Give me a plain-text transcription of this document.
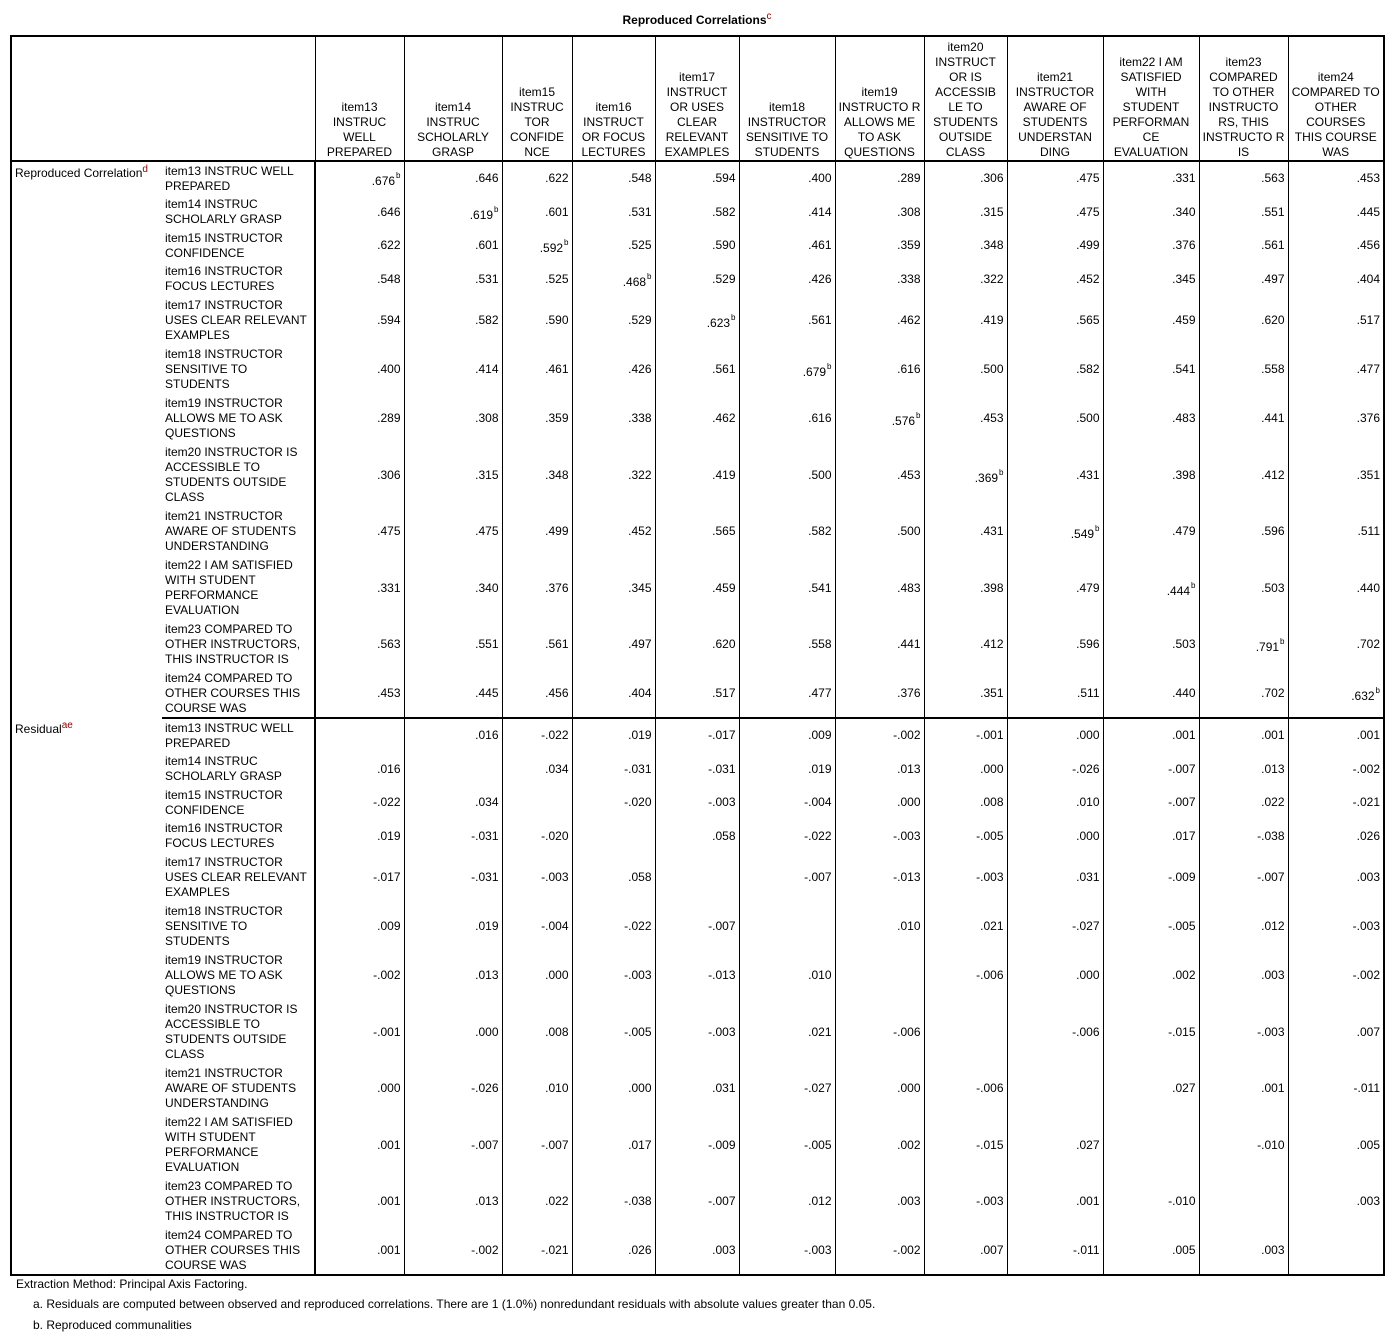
Reproduced Correlations$^c$
		item13 INSTRUC WELL PREPARED	item14 INSTRUC SCHOLARLY GRASP	item15 INSTRUC TOR CONFIDE NCE	item16 INSTRUCT OR FOCUS LECTURES	item17 INSTRUCT OR USES CLEAR RELEVANT EXAMPLES	item18 INSTRUCTOR SENSITIVE TO STUDENTS	item19 INSTRUCTO R ALLOWS ME TO ASK QUESTIONS	item20 INSTRUCT OR IS ACCESSIB LE TO STUDENTS OUTSIDE CLASS	item21 INSTRUCTOR AWARE OF STUDENTS UNDERSTAN DING	item22 I AM SATISFIED WITH STUDENT PERFORMAN CE EVALUATION	item23 COMPARED TO OTHER INSTRUCTO RS, THIS INSTRUCTO R IS	item24 COMPARED TO OTHER COURSES THIS COURSE WAS
Reproduced Correlation$^d$	item13 INSTRUC WELL PREPARED	.676$^b$	.646	.622	.548	.594	.400	.289	.306	.475	.331	.563	.453
	item14 INSTRUC SCHOLARLY GRASP	.646	.619$^b$	.601	.531	.582	.414	.308	.315	.475	.340	.551	.445
	item15 INSTRUCTOR CONFIDENCE	.622	.601	.592$^b$	.525	.590	.461	.359	.348	.499	.376	.561	.456
	item16 INSTRUCTOR FOCUS LECTURES	.548	.531	.525	.468$^b$	.529	.426	.338	.322	.452	.345	.497	.404
	item17 INSTRUCTOR USES CLEAR RELEVANT EXAMPLES	.594	.582	.590	.529	.623$^b$	.561	.462	.419	.565	.459	.620	.517
	item18 INSTRUCTOR SENSITIVE TO STUDENTS	.400	.414	.461	.426	.561	.679$^b$	.616	.500	.582	.541	.558	.477
	item19 INSTRUCTOR ALLOWS ME TO ASK QUESTIONS	.289	.308	.359	.338	.462	.616	.576$^b$	.453	.500	.483	.441	.376
	item20 INSTRUCTOR IS ACCESSIBLE TO STUDENTS OUTSIDE CLASS	.306	.315	.348	.322	.419	.500	.453	.369$^b$	.431	.398	.412	.351
	item21 INSTRUCTOR AWARE OF STUDENTS UNDERSTANDING	.475	.475	.499	.452	.565	.582	.500	.431	.549$^b$	.479	.596	.511
	item22 I AM SATISFIED WITH STUDENT PERFORMANCE EVALUATION	.331	.340	.376	.345	.459	.541	.483	.398	.479	.444$^b$	.503	.440
	item23 COMPARED TO OTHER INSTRUCTORS, THIS INSTRUCTOR IS	.563	.551	.561	.497	.620	.558	.441	.412	.596	.503	.791$^b$	.702
	item24 COMPARED TO OTHER COURSES THIS COURSE WAS	.453	.445	.456	.404	.517	.477	.376	.351	.511	.440	.702	.632$^b$
Residual$^{ae}$	item13 INSTRUC WELL PREPARED		.016	-.022	.019	-.017	.009	-.002	-.001	.000	.001	.001	.001
	item14 INSTRUC SCHOLARLY GRASP	.016		.034	-.031	-.031	.019	.013	.000	-.026	-.007	.013	-.002
	item15 INSTRUCTOR CONFIDENCE	-.022	.034		-.020	-.003	-.004	.000	.008	.010	-.007	.022	-.021
	item16 INSTRUCTOR FOCUS LECTURES	.019	-.031	-.020		.058	-.022	-.003	-.005	.000	.017	-.038	.026
	item17 INSTRUCTOR USES CLEAR RELEVANT EXAMPLES	-.017	-.031	-.003	.058		-.007	-.013	-.003	.031	-.009	-.007	.003
	item18 INSTRUCTOR SENSITIVE TO STUDENTS	.009	.019	-.004	-.022	-.007		.010	.021	-.027	-.005	.012	-.003
	item19 INSTRUCTOR ALLOWS ME TO ASK QUESTIONS	-.002	.013	.000	-.003	-.013	.010		-.006	.000	.002	.003	-.002
	item20 INSTRUCTOR IS ACCESSIBLE TO STUDENTS OUTSIDE CLASS	-.001	.000	.008	-.005	-.003	.021	-.006		-.006	-.015	-.003	.007
	item21 INSTRUCTOR AWARE OF STUDENTS UNDERSTANDING	.000	-.026	.010	.000	.031	-.027	.000	-.006		.027	.001	-.011
	item22 I AM SATISFIED WITH STUDENT PERFORMANCE EVALUATION	.001	-.007	-.007	.017	-.009	-.005	.002	-.015	.027		-.010	.005
	item23 COMPARED TO OTHER INSTRUCTORS, THIS INSTRUCTOR IS	.001	.013	.022	-.038	-.007	.012	.003	-.003	.001	-.010		.003
	item24 COMPARED TO OTHER COURSES THIS COURSE WAS	.001	-.002	-.021	.026	.003	-.003	-.002	.007	-.011	.005	.003	
Extraction Method: Principal Axis Factoring.
a. Residuals are computed between observed and reproduced correlations. There are 1 (1.0%) nonredundant residuals with absolute values greater than 0.05.
b. Reproduced communalities
